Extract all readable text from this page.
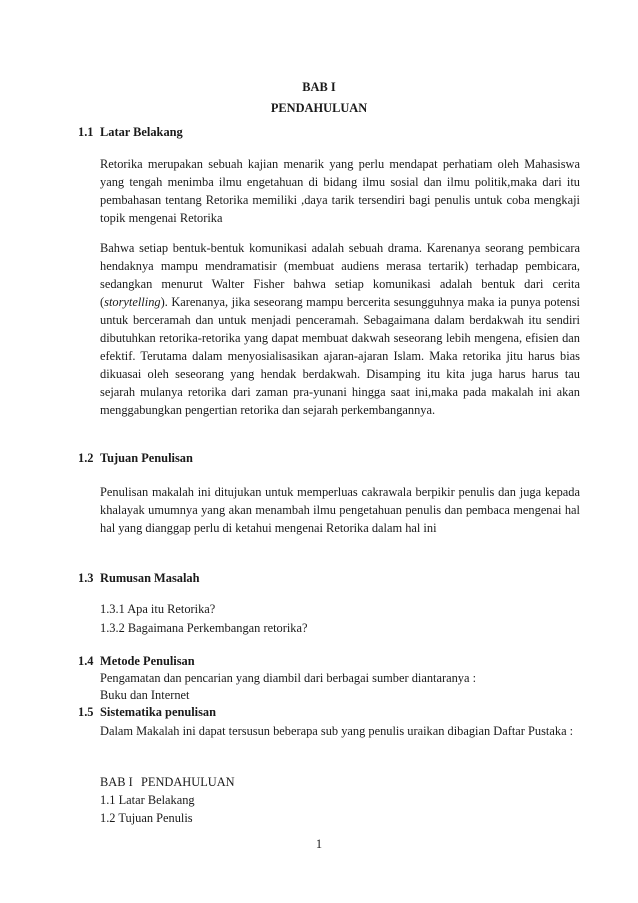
BAB I
PENDAHULUAN
1.1 Latar Belakang
Retorika merupakan sebuah kajian menarik yang perlu mendapat perhatiam oleh Mahasiswa yang tengah menimba ilmu engetahuan di bidang ilmu sosial dan ilmu politik,maka dari itu pembahasan tentang Retorika memiliki ,daya tarik tersendiri bagi penulis untuk coba mengkaji topik mengenai Retorika
Bahwa setiap bentuk-bentuk komunikasi adalah sebuah drama. Karenanya seorang pembicara hendaknya mampu mendramatisir (membuat audiens merasa tertarik) terhadap pembicara, sedangkan menurut Walter Fisher bahwa setiap komunikasi adalah bentuk dari cerita (storytelling). Karenanya, jika seseorang mampu bercerita sesungguhnya maka ia punya potensi untuk berceramah dan untuk menjadi penceramah. Sebagaimana dalam berdakwah itu sendiri dibutuhkan retorika-retorika yang dapat membuat dakwah seseorang lebih mengena, efisien dan efektif. Terutama dalam menyosialisasikan ajaran-ajaran Islam. Maka retorika jitu harus bias dikuasai oleh seseorang yang hendak berdakwah. Disamping itu kita juga harus harus tau sejarah mulanya retorika dari zaman pra-yunani hingga saat ini,maka pada makalah ini akan menggabungkan pengertian retorika dan sejarah perkembangannya.
1.2 Tujuan Penulisan
Penulisan makalah ini ditujukan untuk memperluas cakrawala berpikir penulis dan juga kepada khalayak umumnya yang akan menambah ilmu pengetahuan penulis dan pembaca mengenai hal hal yang dianggap perlu di ketahui mengenai Retorika dalam hal ini
1.3 Rumusan Masalah
1.3.1 Apa itu Retorika?
1.3.2 Bagaimana Perkembangan retorika?
1.4 Metode Penulisan
Pengamatan dan pencarian yang diambil dari berbagai sumber diantaranya :
Buku dan Internet
1.5 Sistematika penulisan
Dalam Makalah ini dapat tersusun beberapa sub yang penulis uraikan dibagian Daftar Pustaka :
BAB I PENDAHULUAN
1.1 Latar Belakang
1.2 Tujuan Penulis
1
